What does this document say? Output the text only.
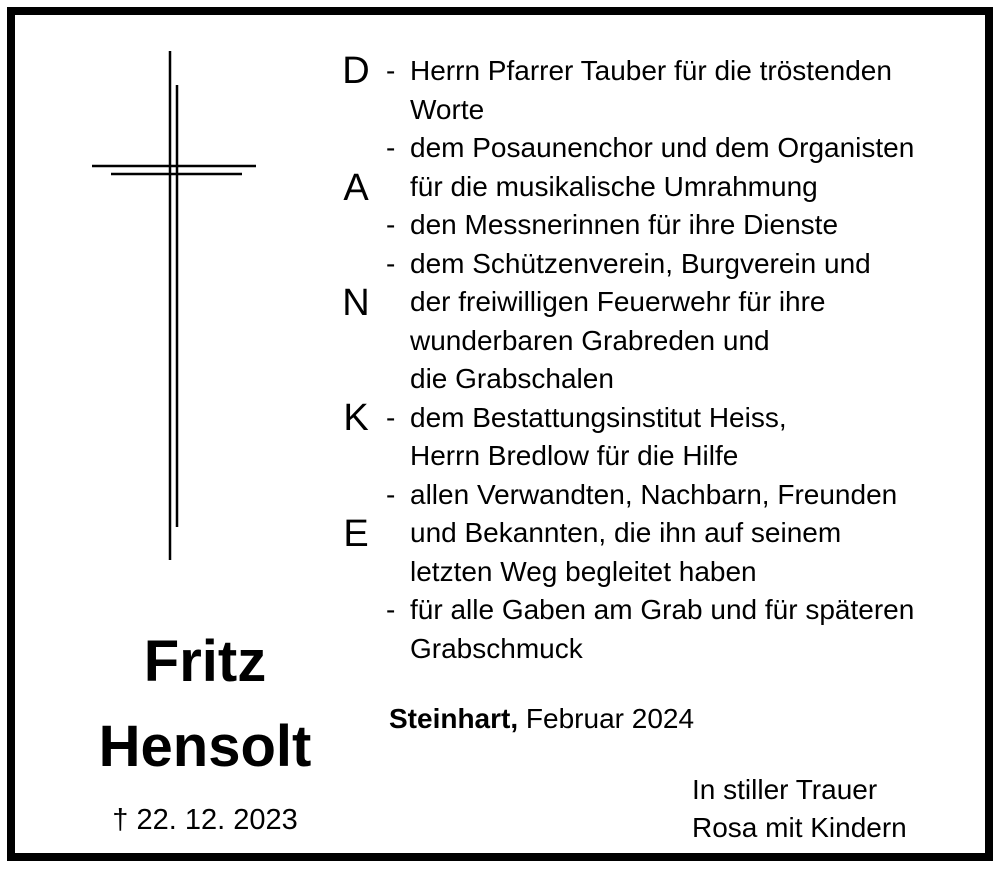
Fritz
Hensolt
† 22. 12. 2023
D
A
N
K
E
- Herrn Pfarrer Tauber für die tröstenden
Worte
- dem Posaunenchor und dem Organisten
für die musikalische Umrahmung
- den Messnerinnen für ihre Dienste
- dem Schützenverein, Burgverein und
der freiwilligen Feuerwehr für ihre
wunderbaren Grabreden und
die Grabschalen
- dem Bestattungsinstitut Heiss,
Herrn Bredlow für die Hilfe
- allen Verwandten, Nachbarn, Freunden
und Bekannten, die ihn auf seinem
letzten Weg begleitet haben
- für alle Gaben am Grab und für späteren
Grabschmuck
Steinhart, Februar 2024
In stiller Trauer
Rosa mit Kindern
